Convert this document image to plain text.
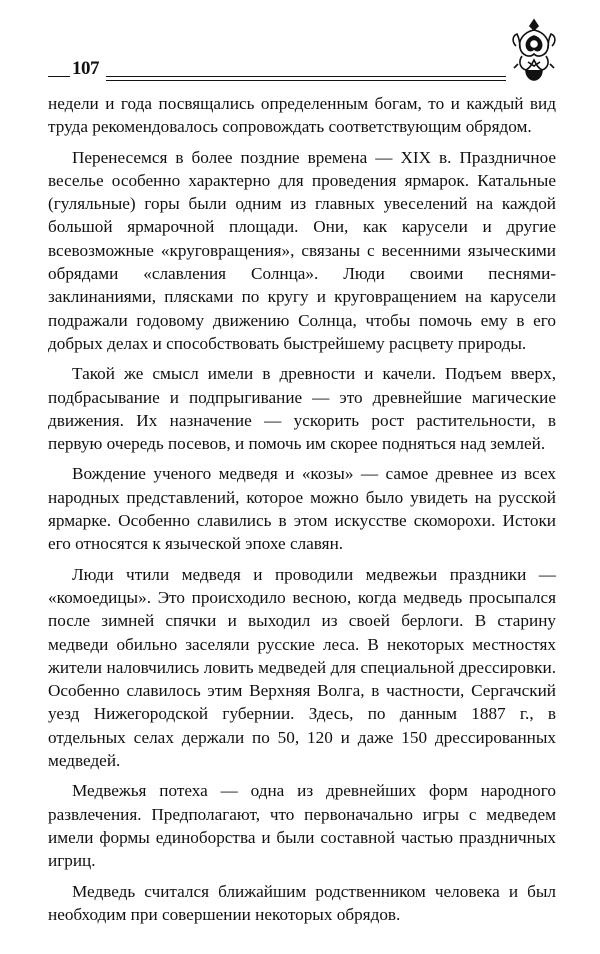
107

недели и года посвящались определенным богам, то и каждый вид труда рекомендовалось сопровождать соответствующим обрядом.

Перенесемся в более поздние времена — XIX в. Праздничное веселье особенно характерно для проведения ярмарок. Катальные (гуляльные) горы были одним из главных увеселений на каждой большой ярмарочной площади. Они, как карусели и другие всевозможные «круговращения», связаны с весенними языческими обрядами «славления Солнца». Люди своими песнями-заклинаниями, плясками по кругу и круговращением на карусели подражали годовому движению Солнца, чтобы помочь ему в его добрых делах и способствовать быстрейшему расцвету природы.

Такой же смысл имели в древности и качели. Подъем вверх, подбрасывание и подпрыгивание — это древнейшие магические движения. Их назначение — ускорить рост растительности, в первую очередь посевов, и помочь им скорее подняться над землей.

Вождение ученого медведя и «козы» — самое древнее из всех народных представлений, которое можно было увидеть на русской ярмарке. Особенно славились в этом искусстве скоморохи. Истоки его относятся к языческой эпохе славян.

Люди чтили медведя и проводили медвежьи праздники — «комоедицы». Это происходило весною, когда медведь просыпался после зимней спячки и выходил из своей берлоги. В старину медведи обильно заселяли русские леса. В некоторых местностях жители наловчились ловить медведей для специальной дрессировки. Особенно славилось этим Верхняя Волга, в частности, Сергачский уезд Нижегородской губернии. Здесь, по данным 1887 г., в отдельных селах держали по 50, 120 и даже 150 дрессированных медведей.

Медвежья потеха — одна из древнейших форм народного развлечения. Предполагают, что первоначально игры с медведем имели формы единоборства и были составной частью праздничных игриц.

Медведь считался ближайшим родственником человека и был необходим при совершении некоторых обрядов.
